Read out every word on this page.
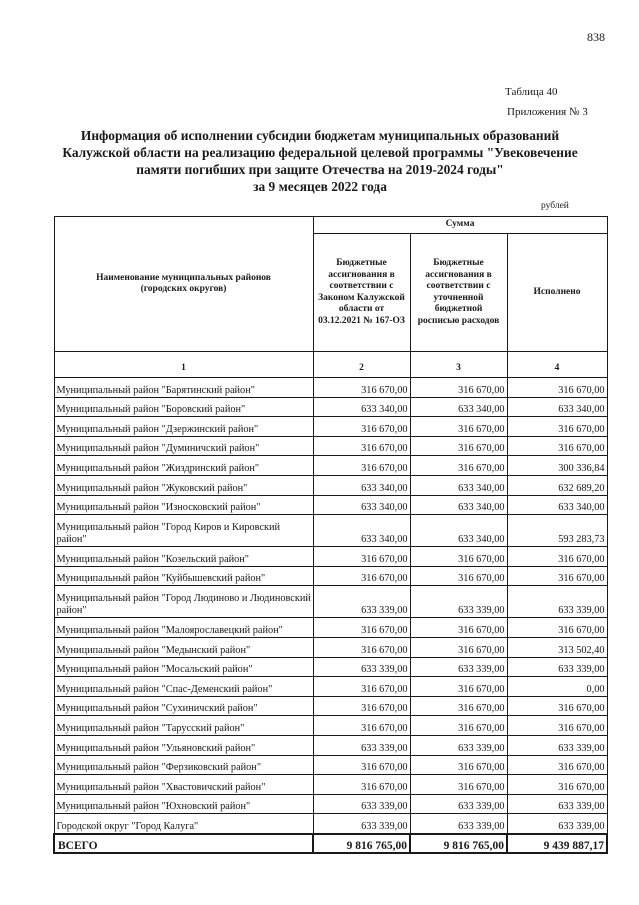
838
Таблица 40
Приложения № 3
Информация об исполнении субсидии бюджетам муниципальных образований
Калужской области на реализацию федеральной целевой программы "Увековечение
памяти погибших при защите Отечества на 2019-2024 годы"
за 9 месяцев 2022 года
рублей
Наименование муниципальных районов (городских округов)	Сумма		
	Бюджетные ассигнования в соответствии с Законом Калужской области от 03.12.2021 № 167-ОЗ	Бюджетные ассигнования в соответствии с уточненной бюджетной росписью расходов	Исполнено
1	2	3	4
Муниципальный район "Барятинский район"	316 670,00	316 670,00	316 670,00
Муниципальный район "Боровский район"	633 340,00	633 340,00	633 340,00
Муниципальный район "Дзержинский район"	316 670,00	316 670,00	316 670,00
Муниципальный район "Думиничский район"	316 670,00	316 670,00	316 670,00
Муниципальный район "Жиздринский район"	316 670,00	316 670,00	300 336,84
Муниципальный район "Жуковский район"	633 340,00	633 340,00	632 689,20
Муниципальный район "Износковский район"	633 340,00	633 340,00	633 340,00
Муниципальный район "Город Киров и Кировский район"	633 340,00	633 340,00	593 283,73
Муниципальный район "Козельский район"	316 670,00	316 670,00	316 670,00
Муниципальный район "Куйбышевский район"	316 670,00	316 670,00	316 670,00
Муниципальный район "Город Людиново и Людиновский район"	633 339,00	633 339,00	633 339,00
Муниципальный район "Малоярославецкий район"	316 670,00	316 670,00	316 670,00
Муниципальный район "Медынский район"	316 670,00	316 670,00	313 502,40
Муниципальный район "Мосальский район"	633 339,00	633 339,00	633 339,00
Муниципальный район "Спас-Деменский район"	316 670,00	316 670,00	0,00
Муниципальный район "Сухиничский район"	316 670,00	316 670,00	316 670,00
Муниципальный район "Тарусский район"	316 670,00	316 670,00	316 670,00
Муниципальный район "Ульяновский район"	633 339,00	633 339,00	633 339,00
Муниципальный район "Ферзиковский район"	316 670,00	316 670,00	316 670,00
Муниципальный район "Хвастовичский район"	316 670,00	316 670,00	316 670,00
Муниципальный район "Юхновский район"	633 339,00	633 339,00	633 339,00
Городской округ "Город Калуга"	633 339,00	633 339,00	633 339,00
ВСЕГО	9 816 765,00	9 816 765,00	9 439 887,17
